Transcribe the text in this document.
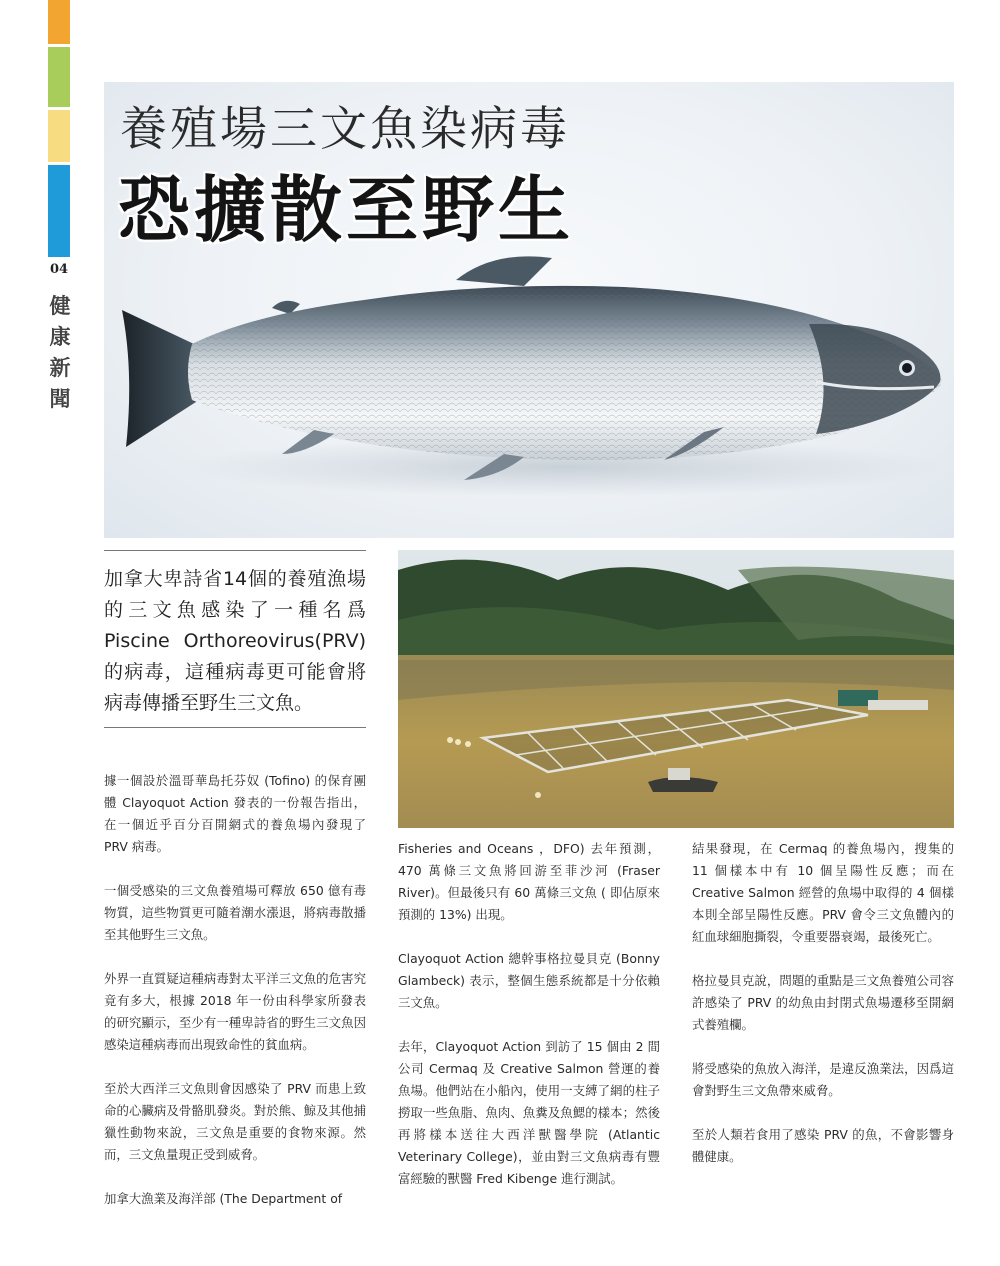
04
健
康
新
聞
養殖場三文魚染病毒
恐擴散至野生
加拿大卑詩省14個的養殖漁場的三文魚感染了一種名爲Piscine Orthoreovirus(PRV)的病毒，這種病毒更可能會將病毒傳播至野生三文魚。

據一個設於溫哥華島托芬奴 (Tofino) 的保育團體 Clayoquot Action 發表的一份報告指出，在一個近乎百分百開網式的養魚場內發現了 PRV 病毒。

一個受感染的三文魚養殖場可釋放 650 億有毒物質，這些物質更可隨着潮水漲退，將病毒散播至其他野生三文魚。

外界一直質疑這種病毒對太平洋三文魚的危害究竟有多大，根據 2018 年一份由科學家所發表的研究顯示，至少有一種卑詩省的野生三文魚因感染這種病毒而出現致命性的貧血病。

至於大西洋三文魚則會因感染了 PRV 而患上致命的心臟病及骨骼肌發炎。對於熊、鯨及其他捕獵性動物來說，三文魚是重要的食物來源。然而，三文魚量現正受到威脅。

加拿大漁業及海洋部 (The Department of

Fisheries and Oceans ，DFO) 去年預測， 470 萬條三文魚將回游至菲沙河 (Fraser River)。但最後只有 60 萬條三文魚 ( 即佔原來預測的 13%) 出現。

Clayoquot Action 總幹事格拉曼貝克 (Bonny Glambeck) 表示，整個生態系統都是十分依賴三文魚。

去年，Clayoquot Action 到訪了 15 個由 2 間公司 Cermaq 及 Creative Salmon 營運的養魚場。他們站在小船內，使用一支縛了網的柱子撈取一些魚脂、魚肉、魚糞及魚鰓的樣本；然後再將樣本送往大西洋獸醫學院 (Atlantic Veterinary College)，並由對三文魚病毒有豐富經驗的獸醫 Fred Kibenge 進行測試。

結果發現，在 Cermaq 的養魚場內，搜集的 11 個樣本中有 10 個呈陽性反應；而在 Creative Salmon 經營的魚場中取得的 4 個樣本則全部呈陽性反應。PRV 會令三文魚體內的紅血球細胞撕裂，令重要器衰竭，最後死亡。

格拉曼貝克說，問題的重點是三文魚養殖公司容許感染了 PRV 的幼魚由封閉式魚場遷移至開網式養殖欄。

將受感染的魚放入海洋，是違反漁業法，因爲這會對野生三文魚帶來威脅。

至於人類若食用了感染 PRV 的魚，不會影響身體健康。
